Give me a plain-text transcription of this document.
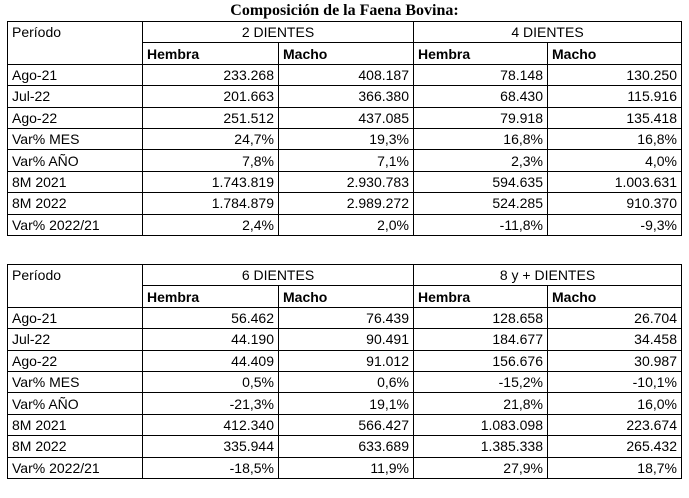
Composición de la Faena Bovina:
Período	2 DIENTES		4 DIENTES	
	Hembra	Macho	Hembra	Macho
Ago-21	233.268	408.187	78.148	130.250
Jul-22	201.663	366.380	68.430	115.916
Ago-22	251.512	437.085	79.918	135.418
Var% MES	24,7%	19,3%	16,8%	16,8%
Var% AÑO	7,8%	7,1%	2,3%	4,0%
8M 2021	1.743.819	2.930.783	594.635	1.003.631
8M 2022	1.784.879	2.989.272	524.285	910.370
Var% 2022/21	2,4%	2,0%	-11,8%	-9,3%
Período	6 DIENTES		8 y + DIENTES	
	Hembra	Macho	Hembra	Macho
Ago-21	56.462	76.439	128.658	26.704
Jul-22	44.190	90.491	184.677	34.458
Ago-22	44.409	91.012	156.676	30.987
Var% MES	0,5%	0,6%	-15,2%	-10,1%
Var% AÑO	-21,3%	19,1%	21,8%	16,0%
8M 2021	412.340	566.427	1.083.098	223.674
8M 2022	335.944	633.689	1.385.338	265.432
Var% 2022/21	-18,5%	11,9%	27,9%	18,7%
